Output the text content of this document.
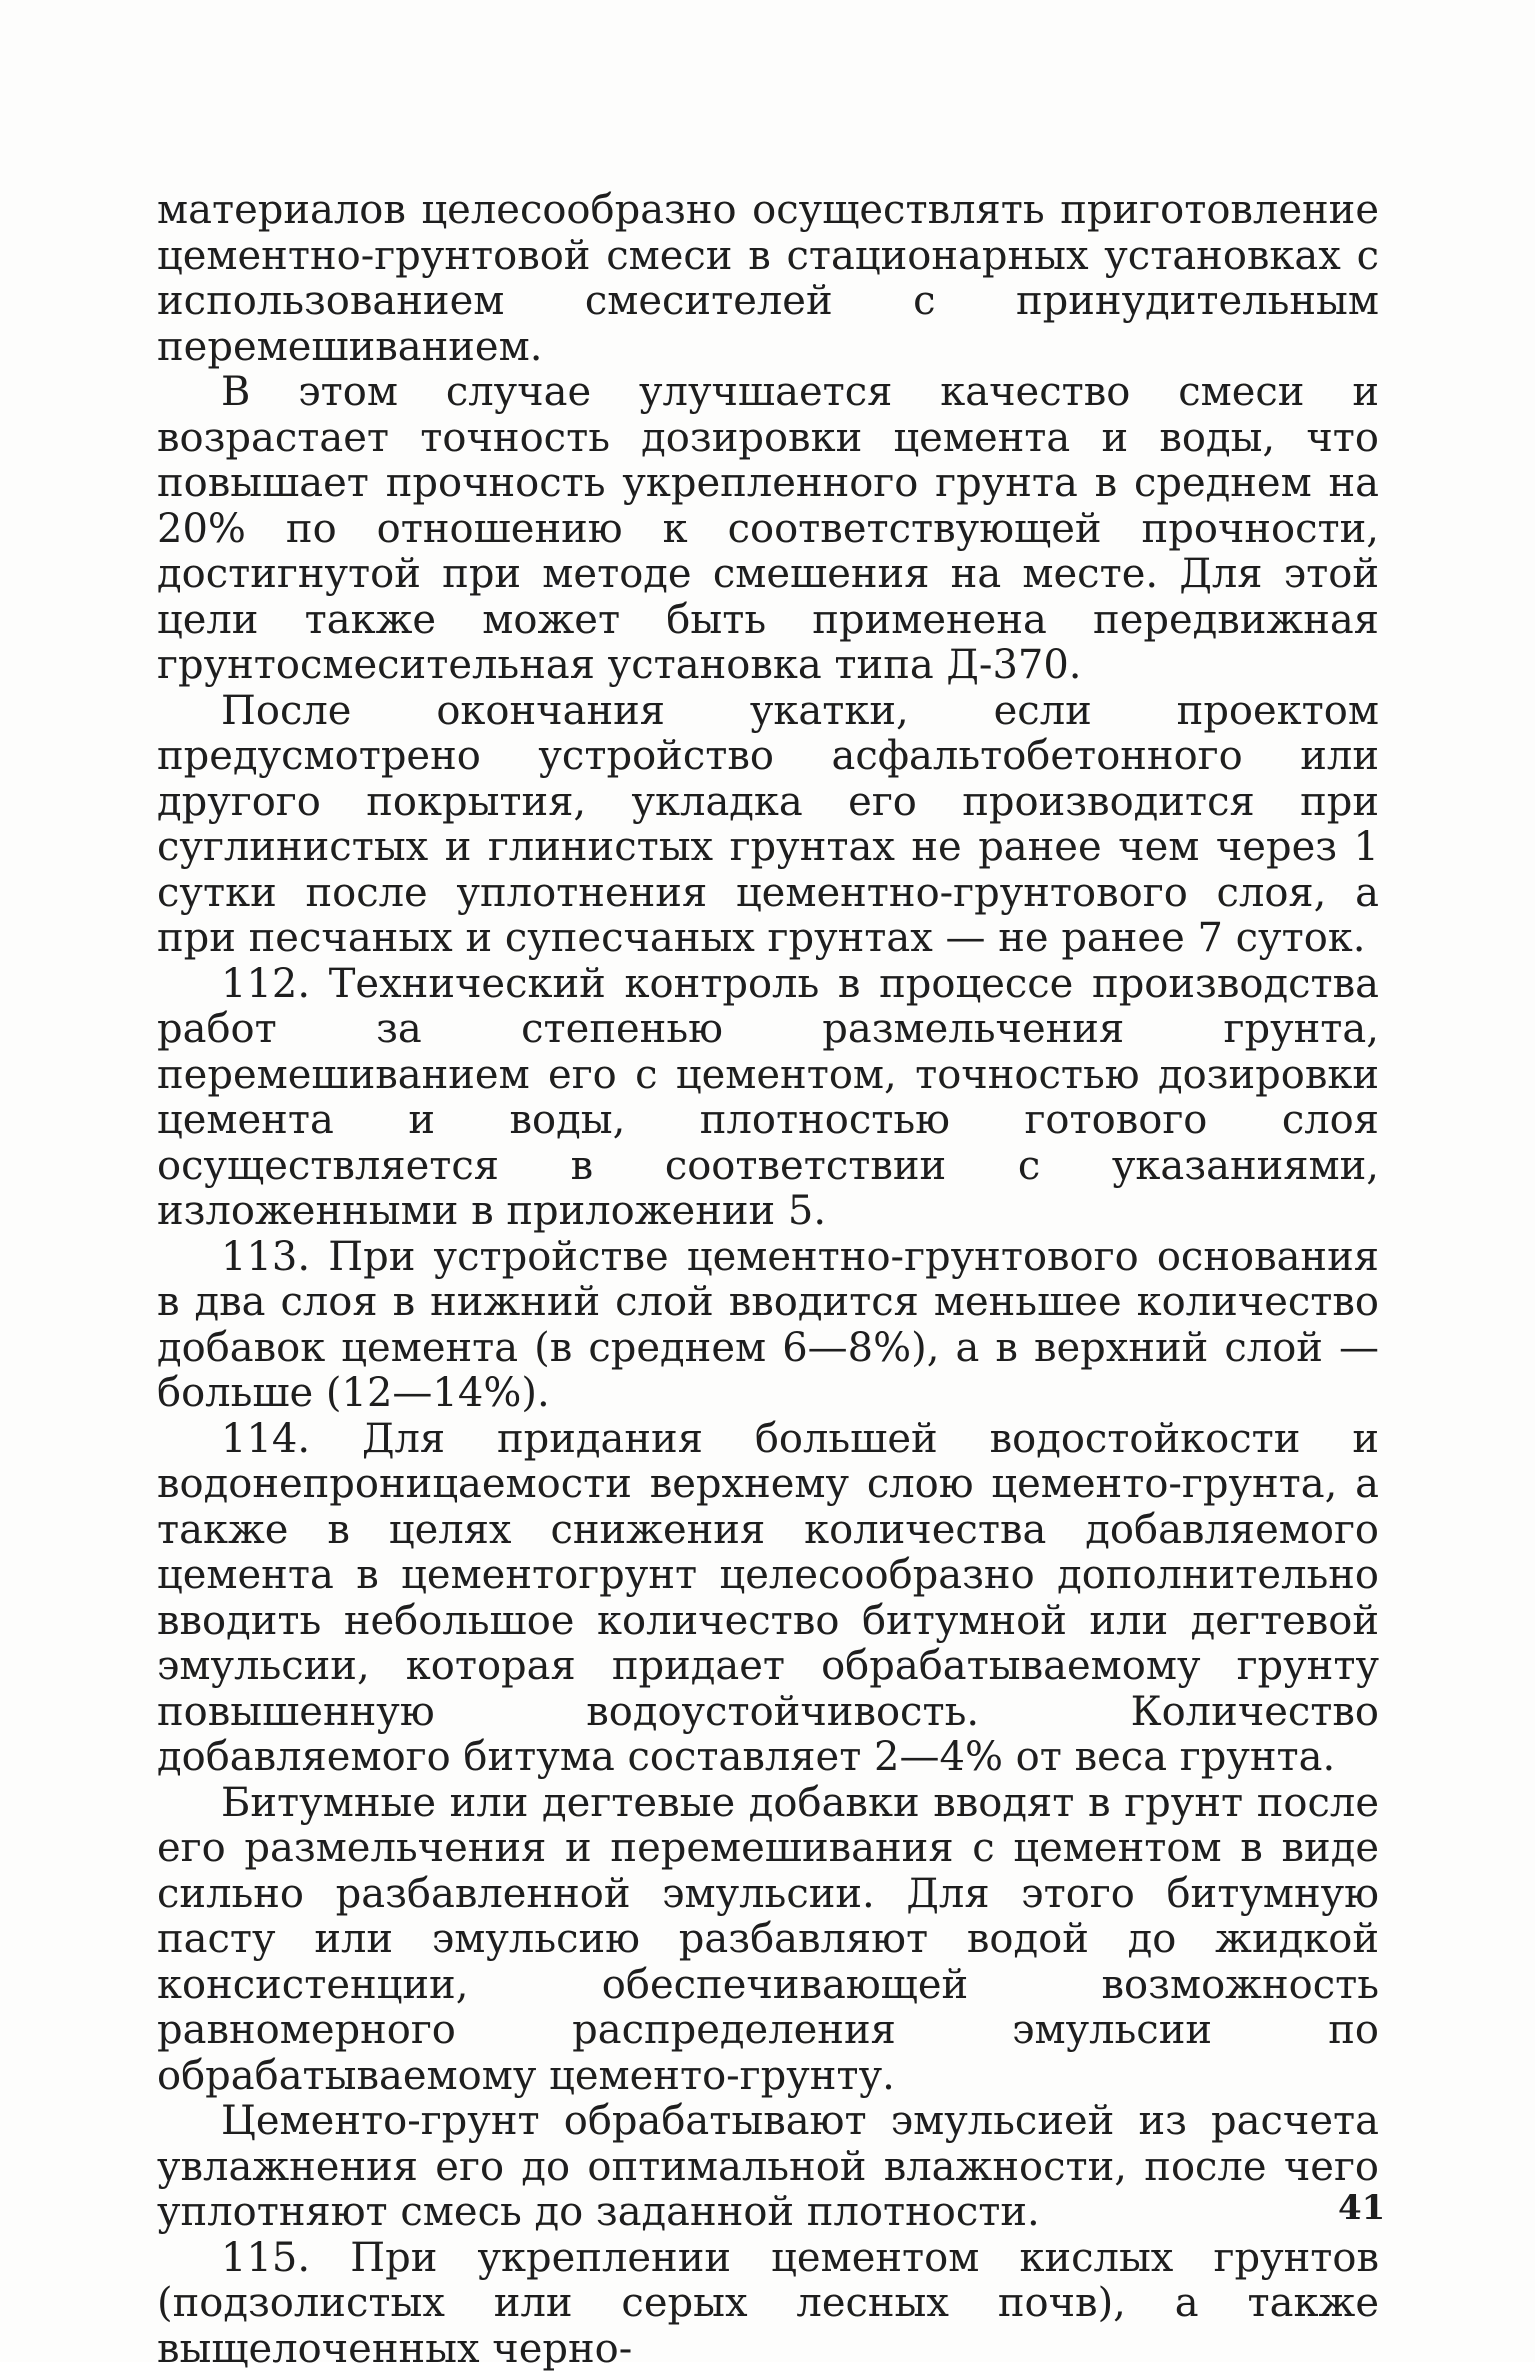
материалов целесообразно осуществлять приготовление цементно-грунтовой смеси в стационарных установках с использованием смесителей с принудительным перемешиванием.

В этом случае улучшается качество смеси и возрастает точность дозировки цемента и воды, что повышает прочность укрепленного грунта в среднем на 20% по отношению к соответствующей прочности, достигнутой при методе смешения на месте. Для этой цели также может быть применена передвижная грунтосмесительная установка типа Д-370.

После окончания укатки, если проектом предусмотрено устройство асфальтобетонного или другого покрытия, укладка его производится при суглинистых и глинистых грунтах не ранее чем через 1 сутки после уплотнения цементно-грунтового слоя, а при песчаных и супесчаных грунтах — не ранее 7 суток.

112. Технический контроль в процессе производства работ за степенью размельчения грунта, перемешиванием его с цементом, точностью дозировки цемента и воды, плотностью готового слоя осуществляется в соответствии с указаниями, изложенными в приложении 5.

113. При устройстве цементно-грунтового основания в два слоя в нижний слой вводится меньшее количество добавок цемента (в среднем 6—8%), а в верхний слой — больше (12—14%).

114. Для придания большей водостойкости и водонепроницаемости верхнему слою цементо-грунта, а также в целях снижения количества добавляемого цемента в цементогрунт целесообразно дополнительно вводить небольшое количество битумной или дегтевой эмульсии, которая придает обрабатываемому грунту повышенную водоустойчивость. Количество добавляемого битума составляет 2—4% от веса грунта.

Битумные или дегтевые добавки вводят в грунт после его размельчения и перемешивания с цементом в виде сильно разбавленной эмульсии. Для этого битумную пасту или эмульсию разбавляют водой до жидкой консистенции, обеспечивающей возможность равномерного распределения эмульсии по обрабатываемому цементо-грунту.

Цементо-грунт обрабатывают эмульсией из расчета увлажнения его до оптимальной влажности, после чего уплотняют смесь до заданной плотности.

115. При укреплении цементом кислых грунтов (подзолистых или серых лесных почв), а также выщелоченных черно-

41
